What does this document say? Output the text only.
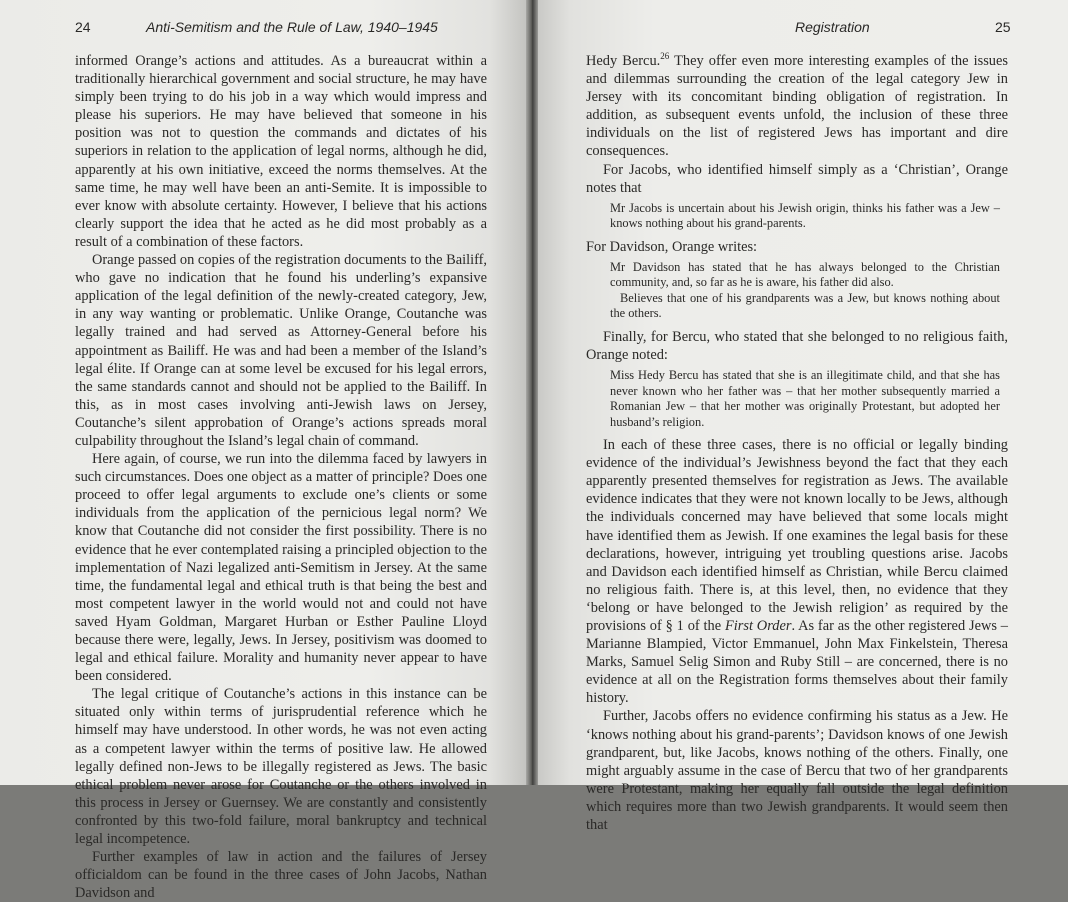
24	Anti-Semitism and the Rule of Law, 1940–1945

informed Orange’s actions and attitudes. As a bureaucrat within a traditionally hierarchical government and social structure, he may have simply been trying to do his job in a way which would impress and please his superiors. He may have believed that someone in his position was not to question the commands and dictates of his superiors in relation to the application of legal norms, although he did, apparently at his own initiative, exceed the norms themselves. At the same time, he may well have been an anti-Semite. It is impossible to ever know with absolute certainty. However, I believe that his actions clearly support the idea that he acted as he did most probably as a result of a combination of these factors.

Orange passed on copies of the registration documents to the Bailiff, who gave no indication that he found his underling’s expansive application of the legal definition of the newly-created category, Jew, in any way wanting or problematic. Unlike Orange, Coutanche was legally trained and had served as Attorney-General before his appointment as Bailiff. He was and had been a member of the Island’s legal élite. If Orange can at some level be excused for his legal errors, the same standards cannot and should not be applied to the Bailiff. In this, as in most cases involving anti-Jewish laws on Jersey, Coutanche’s silent approbation of Orange’s actions spreads moral culpability throughout the Island’s legal chain of command.

Here again, of course, we run into the dilemma faced by lawyers in such circumstances. Does one object as a matter of principle? Does one proceed to offer legal arguments to exclude one’s clients or some individuals from the application of the pernicious legal norm? We know that Coutanche did not consider the first possibility. There is no evidence that he ever contemplated raising a principled objection to the implementation of Nazi legalized anti-Semitism in Jersey. At the same time, the fundamental legal and ethical truth is that being the best and most competent lawyer in the world would not and could not have saved Hyam Goldman, Margaret Hurban or Esther Pauline Lloyd because there were, legally, Jews. In Jersey, positivism was doomed to legal and ethical failure. Morality and humanity never appear to have been considered.

The legal critique of Coutanche’s actions in this instance can be situated only within terms of jurisprudential reference which he himself may have understood. In other words, he was not even acting as a competent lawyer within the terms of positive law. He allowed legally defined non-Jews to be illegally registered as Jews. The basic ethical problem never arose for Coutanche or the others involved in this process in Jersey or Guernsey. We are constantly and consistently confronted by this two-fold failure, moral bankruptcy and technical legal incompetence.

Further examples of law in action and the failures of Jersey officialdom can be found in the three cases of John Jacobs, Nathan Davidson and

Registration	25

Hedy Bercu.$^{26}$ They offer even more interesting examples of the issues and dilemmas surrounding the creation of the legal category Jew in Jersey with its concomitant binding obligation of registration. In addition, as subsequent events unfold, the inclusion of these three individuals on the list of registered Jews has important and dire consequences.

For Jacobs, who identified himself simply as a ‘Christian’, Orange notes that

Mr Jacobs is uncertain about his Jewish origin, thinks his father was a Jew – knows nothing about his grand-parents.

For Davidson, Orange writes:

Mr Davidson has stated that he has always belonged to the Christian community, and, so far as he is aware, his father did also.

Believes that one of his grandparents was a Jew, but knows nothing about the others.

Finally, for Bercu, who stated that she belonged to no religious faith, Orange noted:

Miss Hedy Bercu has stated that she is an illegitimate child, and that she has never known who her father was – that her mother subsequently married a Romanian Jew – that her mother was originally Protestant, but adopted her husband’s religion.

In each of these three cases, there is no official or legally binding evidence of the individual’s Jewishness beyond the fact that they each apparently presented themselves for registration as Jews. The available evidence indicates that they were not known locally to be Jews, although the individuals concerned may have believed that some locals might have identified them as Jewish. If one examines the legal basis for these declarations, however, intriguing yet troubling questions arise. Jacobs and Davidson each identified himself as Christian, while Bercu claimed no religious faith. There is, at this level, then, no evidence that they ‘belong or have belonged to the Jewish religion’ as required by the provisions of § 1 of the First Order. As far as the other registered Jews – Marianne Blampied, Victor Emmanuel, John Max Finkelstein, Theresa Marks, Samuel Selig Simon and Ruby Still – are concerned, there is no evidence at all on the Registration forms themselves about their family history.

Further, Jacobs offers no evidence confirming his status as a Jew. He ‘knows nothing about his grand-parents’; Davidson knows of one Jewish grandparent, but, like Jacobs, knows nothing of the others. Finally, one might arguably assume in the case of Bercu that two of her grandparents were Protestant, making her equally fall outside the legal definition which requires more than two Jewish grandparents. It would seem then that
